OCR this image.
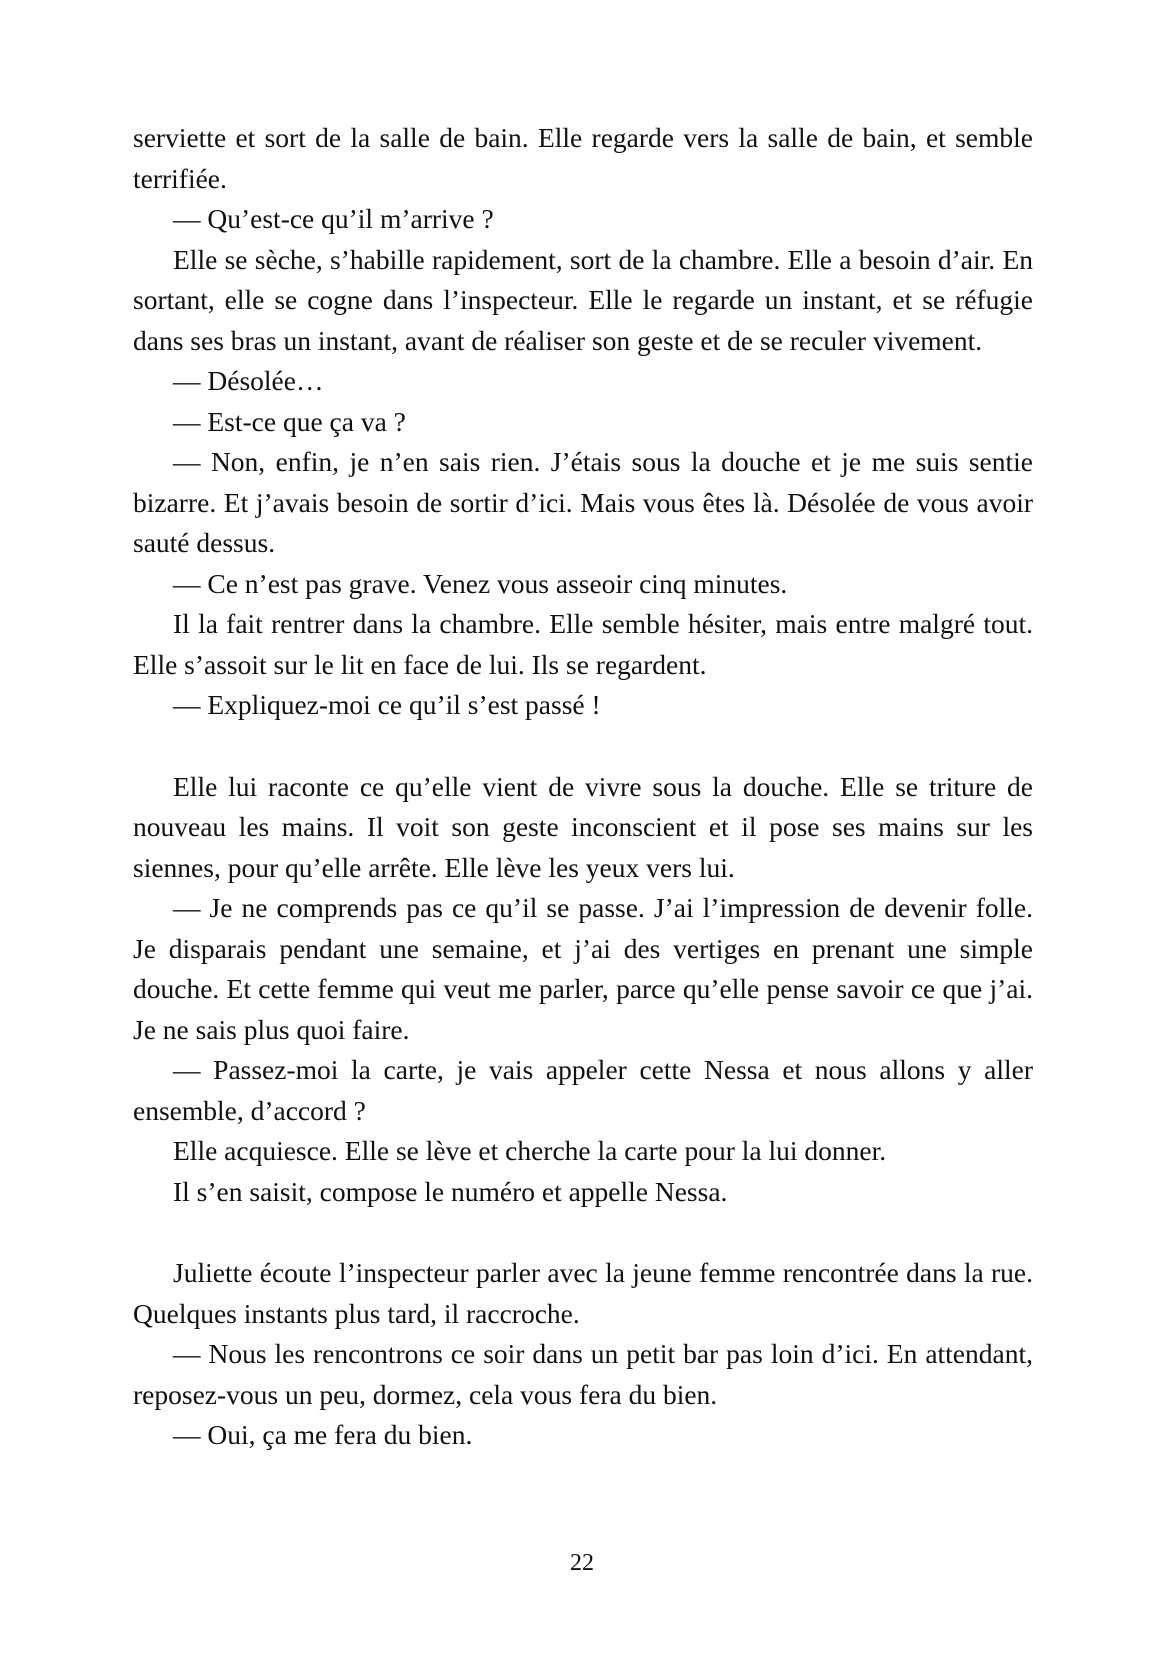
serviette et sort de la salle de bain. Elle regarde vers la salle de bain, et semble terrifiée.

— Qu’est-ce qu’il m’arrive ?

Elle se sèche, s’habille rapidement, sort de la chambre. Elle a besoin d’air. En sortant, elle se cogne dans l’inspecteur. Elle le regarde un instant, et se réfugie dans ses bras un instant, avant de réaliser son geste et de se reculer vivement.

— Désolée…

— Est-ce que ça va ?

— Non, enfin, je n’en sais rien. J’étais sous la douche et je me suis sentie bizarre. Et j’avais besoin de sortir d’ici. Mais vous êtes là. Désolée de vous avoir sauté dessus.

— Ce n’est pas grave. Venez vous asseoir cinq minutes.

Il la fait rentrer dans la chambre. Elle semble hésiter, mais entre malgré tout. Elle s’assoit sur le lit en face de lui. Ils se regardent.

— Expliquez-moi ce qu’il s’est passé !

Elle lui raconte ce qu’elle vient de vivre sous la douche. Elle se triture de nouveau les mains. Il voit son geste inconscient et il pose ses mains sur les siennes, pour qu’elle arrête. Elle lève les yeux vers lui.

— Je ne comprends pas ce qu’il se passe. J’ai l’impression de devenir folle. Je disparais pendant une semaine, et j’ai des vertiges en prenant une simple douche. Et cette femme qui veut me parler, parce qu’elle pense savoir ce que j’ai. Je ne sais plus quoi faire.

— Passez-moi la carte, je vais appeler cette Nessa et nous allons y aller ensemble, d’accord ?

Elle acquiesce. Elle se lève et cherche la carte pour la lui donner.

Il s’en saisit, compose le numéro et appelle Nessa.

Juliette écoute l’inspecteur parler avec la jeune femme rencontrée dans la rue. Quelques instants plus tard, il raccroche.

— Nous les rencontrons ce soir dans un petit bar pas loin d’ici. En attendant, reposez-vous un peu, dormez, cela vous fera du bien.

— Oui, ça me fera du bien.

22
